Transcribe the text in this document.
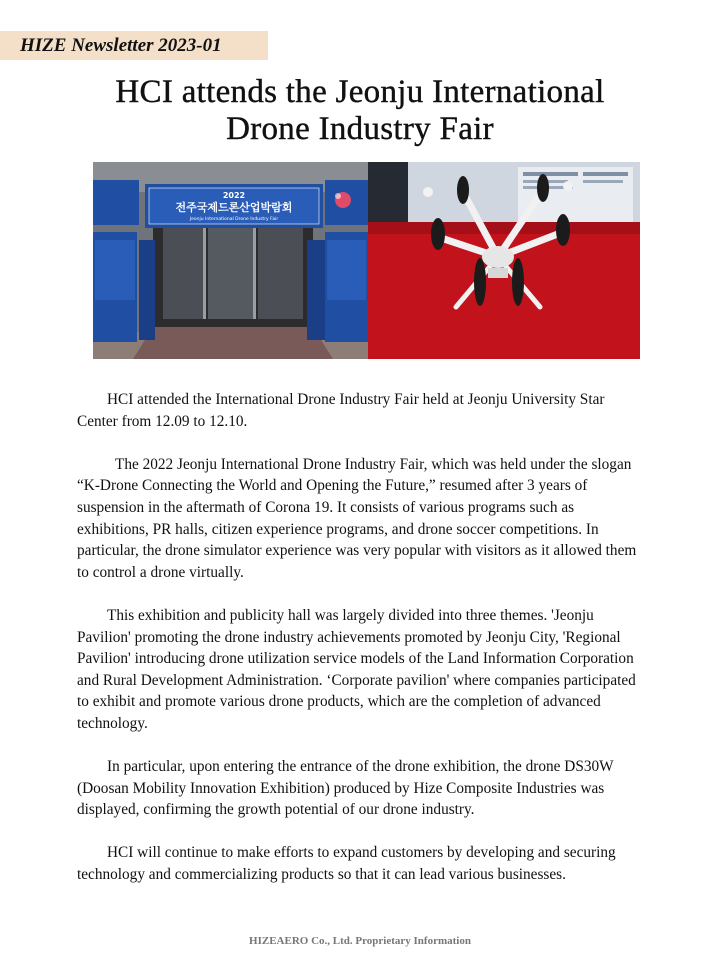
HIZE Newsletter 2023-01
HCI attends the Jeonju International
Drone Industry Fair
2022
전주국제드론산업박람회
Jeonju International Drone Industry Fair

HCI attended the International Drone Industry Fair held at Jeonju University Star Center from 12.09 to 12.10.

The 2022 Jeonju International Drone Industry Fair, which was held under the slogan “K-Drone Connecting the World and Opening the Future,” resumed after 3 years of suspension in the aftermath of Corona 19. It consists of various programs such as exhibitions, PR halls, citizen experience programs, and drone soccer competitions. In particular, the drone simulator experience was very popular with visitors as it allowed them to control a drone virtually.

This exhibition and publicity hall was largely divided into three themes. 'Jeonju Pavilion' promoting the drone industry achievements promoted by Jeonju City, 'Regional Pavilion' introducing drone utilization service models of the Land Information Corporation and Rural Development Administration. ‘Corporate pavilion' where companies participated to exhibit and promote various drone products, which are the completion of advanced technology.

In particular, upon entering the entrance of the drone exhibition, the drone DS30W (Doosan Mobility Innovation Exhibition) produced by Hize Composite Industries was displayed, confirming the growth potential of our drone industry.

HCI will continue to make efforts to expand customers by developing and securing technology and commercializing products so that it can lead various businesses.

HIZEAERO Co., Ltd. Proprietary Information
